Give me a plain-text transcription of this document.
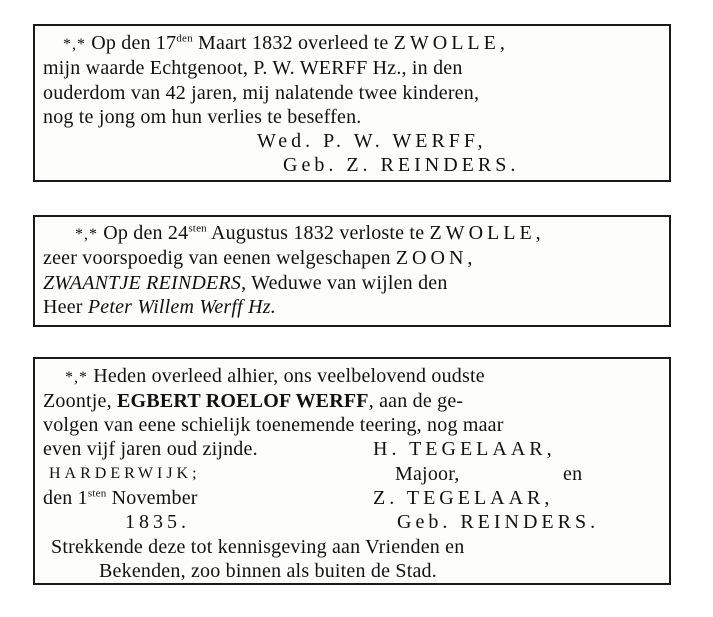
*,* Op den $17^{den}$ Maart 1832 overleed te ZWOLLE,
mijn waarde Echtgenoot, P. W. WERFF Hz., in den
ouderdom van 42 jaren, mij nalatende twee kinderen,
nog te jong om hun verlies te beseffen.
Wed. P. W. WERFF,
Geb. Z. REINDERS.
*,* Op den $24^{sten}$ Augustus 1832 verloste te ZWOLLE,
zeer voorspoedig van eenen welgeschapen ZOON,
ZWAANTJE REINDERS, Weduwe van wijlen den
Heer Peter Willem Werff Hz.
*,* Heden overleed alhier, ons veelbelovend oudste
Zoontje, EGBERT ROELOF WERFF, aan de ge-
volgen van eene schielijk toenemende teering, nog maar
even vijf jaren oud zijnde.	H. TEGELAAR,
HARDERWIJK;	Majoor,	en
den $1^{sten}$ November	Z. TEGELAAR,
1835.	Geb. REINDERS.
Strekkende deze tot kennisgeving aan Vrienden en
Bekenden, zoo binnen als buiten de Stad.
